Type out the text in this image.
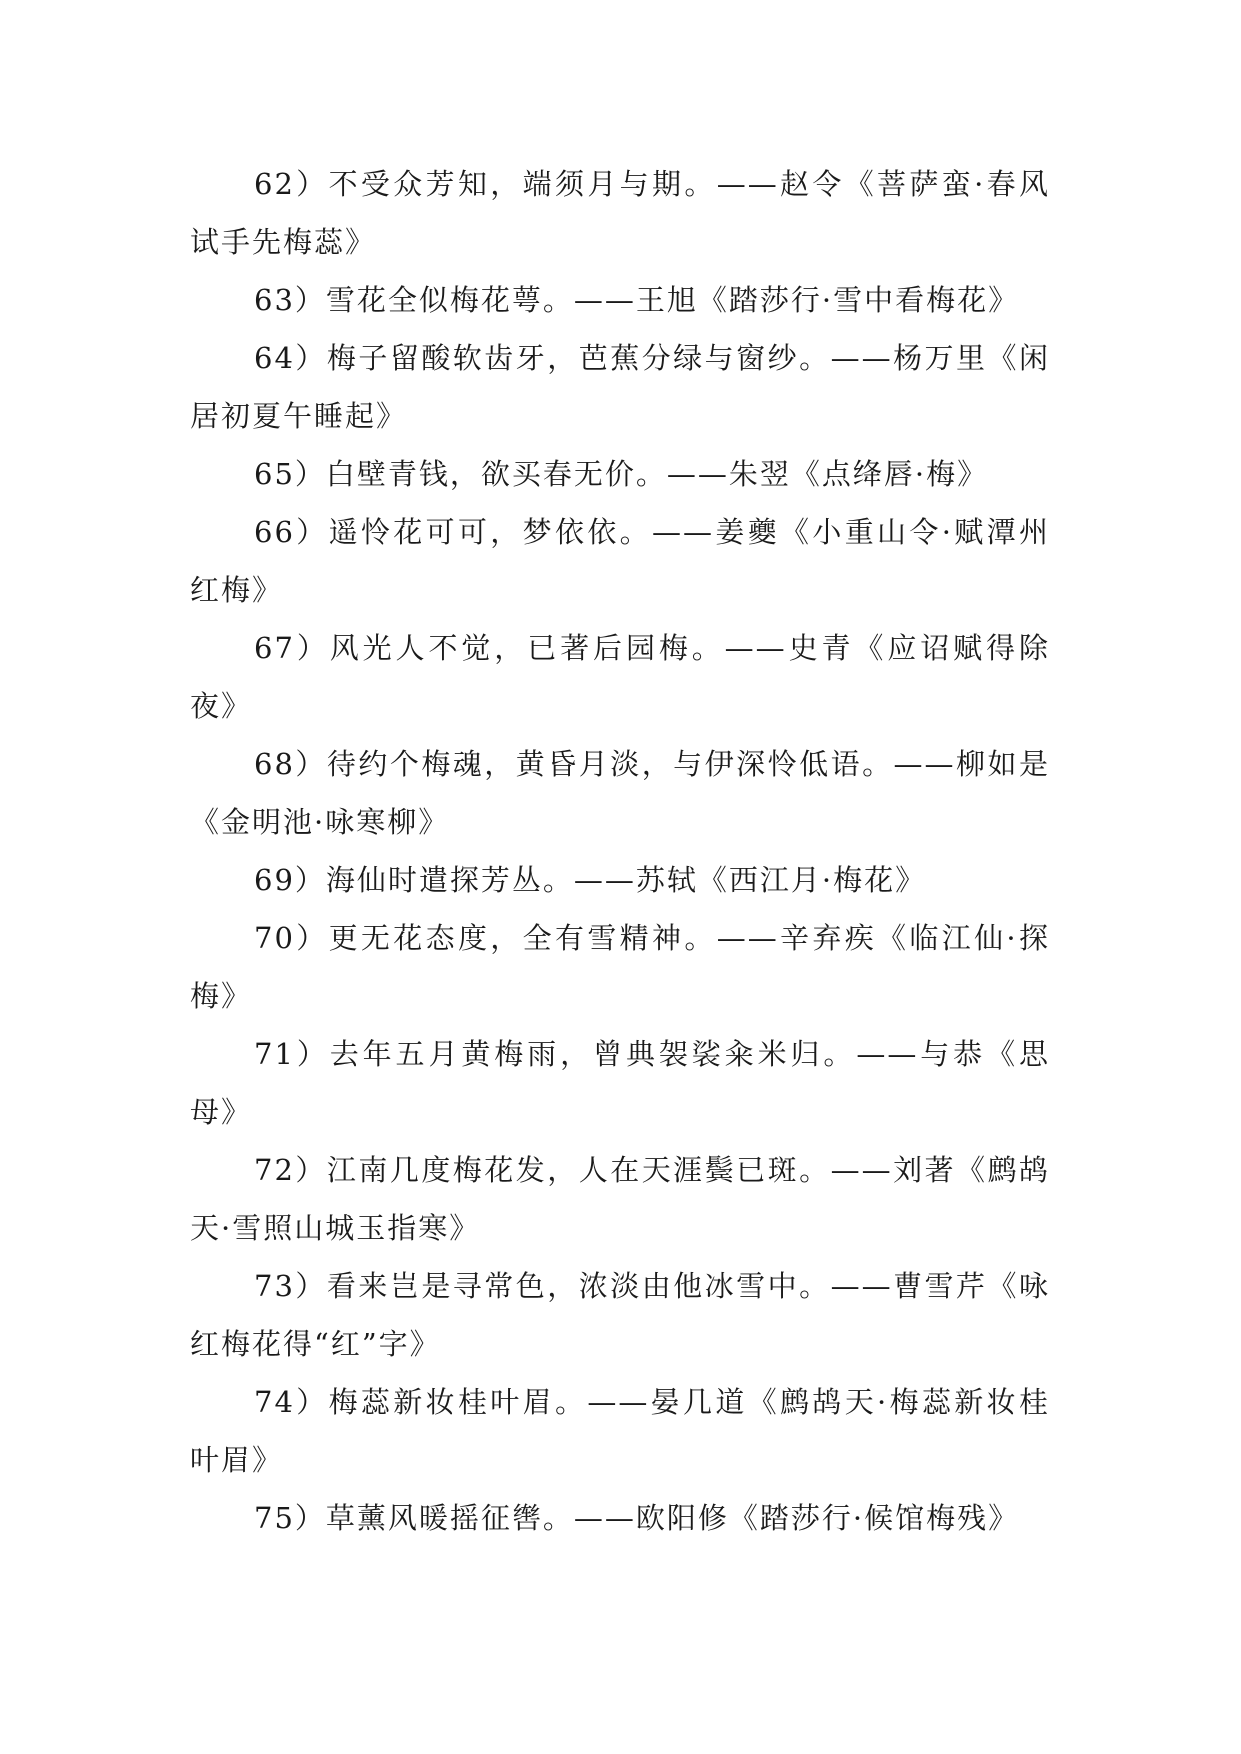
62）不受众芳知，端须月与期。——赵令《菩萨蛮·春风试手先梅蕊》

63）雪花全似梅花萼。——王旭《踏莎行·雪中看梅花》

64）梅子留酸软齿牙，芭蕉分绿与窗纱。——杨万里《闲居初夏午睡起》

65）白壁青钱，欲买春无价。——朱翌《点绛唇·梅》

66）遥怜花可可，梦依依。——姜夔《小重山令·赋潭州红梅》

67）风光人不觉，已著后园梅。——史青《应诏赋得除夜》

68）待约个梅魂，黄昏月淡，与伊深怜低语。——柳如是《金明池·咏寒柳》

69）海仙时遣探芳丛。——苏轼《西江月·梅花》

70）更无花态度，全有雪精神。——辛弃疾《临江仙·探梅》

71）去年五月黄梅雨，曾典袈裟籴米归。——与恭《思母》

72）江南几度梅花发，人在天涯鬓已斑。——刘著《鹧鸪天·雪照山城玉指寒》

73）看来岂是寻常色，浓淡由他冰雪中。——曹雪芹《咏红梅花得“红”字》

74）梅蕊新妆桂叶眉。——晏几道《鹧鸪天·梅蕊新妆桂叶眉》

75）草薰风暖摇征辔。——欧阳修《踏莎行·候馆梅残》
